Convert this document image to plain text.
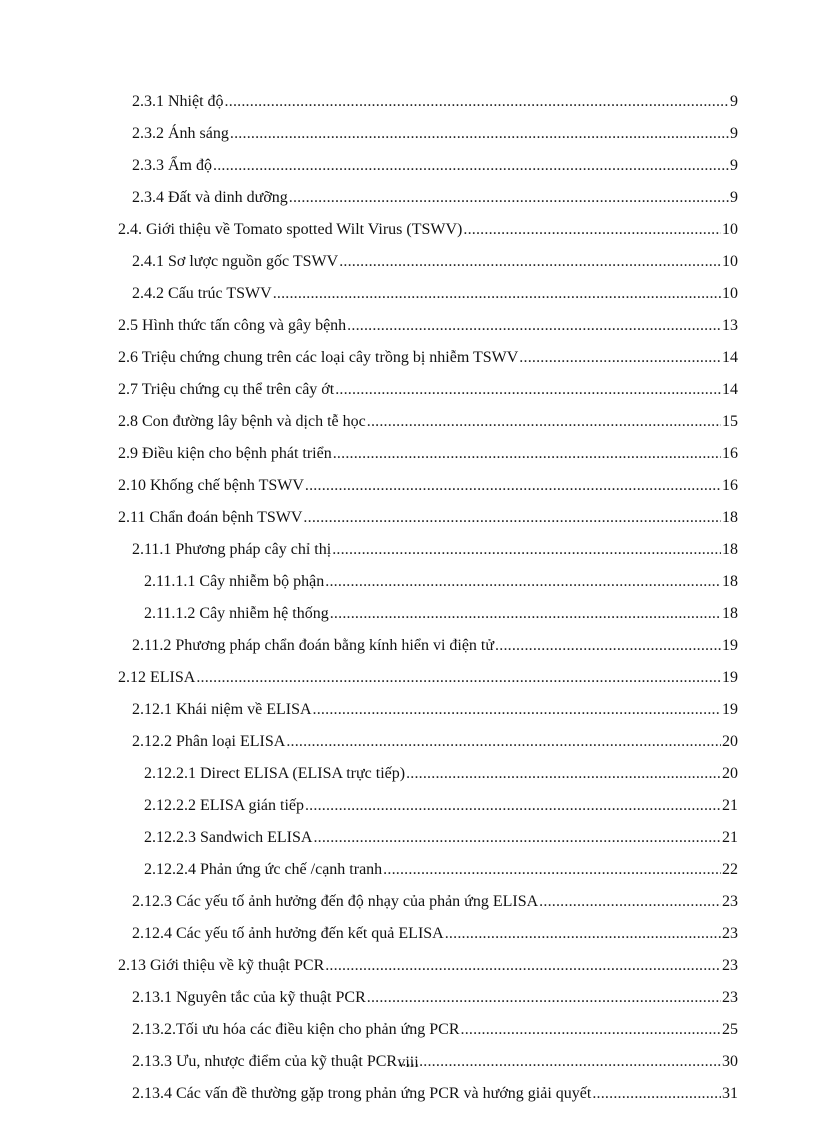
2.3.1 Nhiệt độ .....	9
2.3.2 Ánh sáng .....	9
2.3.3 Ẩm độ .....	9
2.3.4 Đất và dinh dưỡng .....	9
2.4. Giới thiệu về Tomato spotted Wilt Virus (TSWV) .....	10
2.4.1 Sơ lược nguồn gốc TSWV .....	10
2.4.2 Cấu trúc TSWV .....	10
2.5 Hình thức tấn công và gây bệnh .....	13
2.6 Triệu chứng chung trên các loại cây trồng bị nhiễm TSWV .....	14
2.7 Triệu chứng cụ thể trên cây ớt .....	14
2.8 Con đường lây bệnh và dịch tễ học .....	15
2.9 Điều kiện cho bệnh phát triển .....	16
2.10 Khống chế bệnh TSWV .....	16
2.11 Chẩn đoán bệnh TSWV .....	18
2.11.1 Phương pháp cây chỉ thị .....	18
2.11.1.1 Cây nhiễm bộ phận .....	18
2.11.1.2 Cây nhiễm hệ thống .....	18
2.11.2 Phương pháp chẩn đoán bằng kính hiển vi điện tử .....	19
2.12 ELISA .....	19
2.12.1 Khái niệm về ELISA .....	19
2.12.2 Phân loại ELISA .....	20
2.12.2.1 Direct ELISA (ELISA trực tiếp) .....	20
2.12.2.2 ELISA gián tiếp .....	21
2.12.2.3 Sandwich ELISA .....	21
2.12.2.4 Phản ứng ức chế /cạnh tranh .....	22
2.12.3 Các yếu tố ảnh hưởng đến độ nhạy của phản ứng ELISA .....	23
2.12.4 Các yếu tố ảnh hưởng đến kết quả ELISA .....	23
2.13 Giới thiệu về kỹ thuật PCR .....	23
2.13.1 Nguyên tắc của kỹ thuật PCR .....	23
2.13.2.Tối ưu hóa các điều kiện cho phản ứng PCR .....	25
2.13.3 Ưu, nhược điểm của kỹ thuật PCR .....	30
2.13.4 Các vấn đề thường gặp trong phản ứng PCR và hướng giải quyết .....	31
viii
